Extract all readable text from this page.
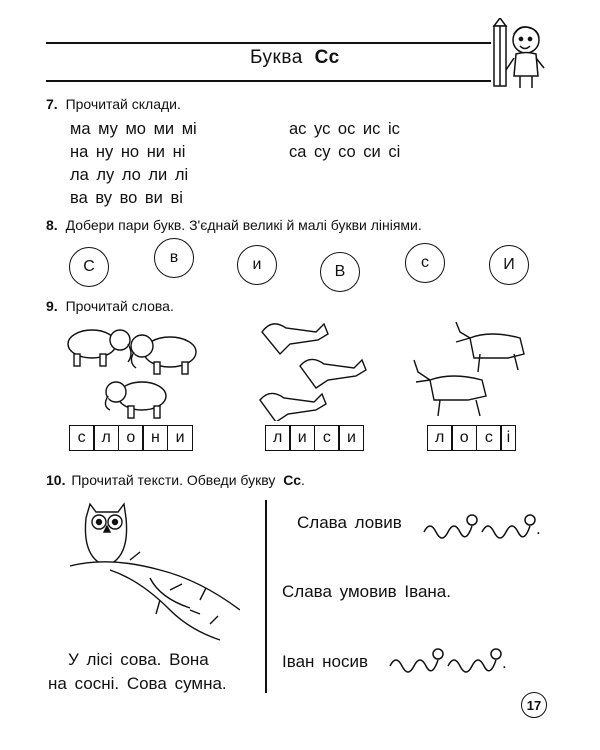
Буква Сс
7. Прочитай склади.
ма му мо ми мі
на ну но ни ні
ла лу ло ли лі
ва ву во ви ві
ас ус ос ис іс
са су со си сі
8. Добери пари букв. З'єднай великі й малі букви лініями.
С
в	и	В
с	И
9. Прочитай слова.
с л о н и	л и	с	и	л о	с і
10. Прочитай тексти. Обведи букву Сс.
У лісі сова. Вона
на сосні. Сова сумна.
Слава ловив	.
Слава умовив Івана.
Іван носив	.
17
